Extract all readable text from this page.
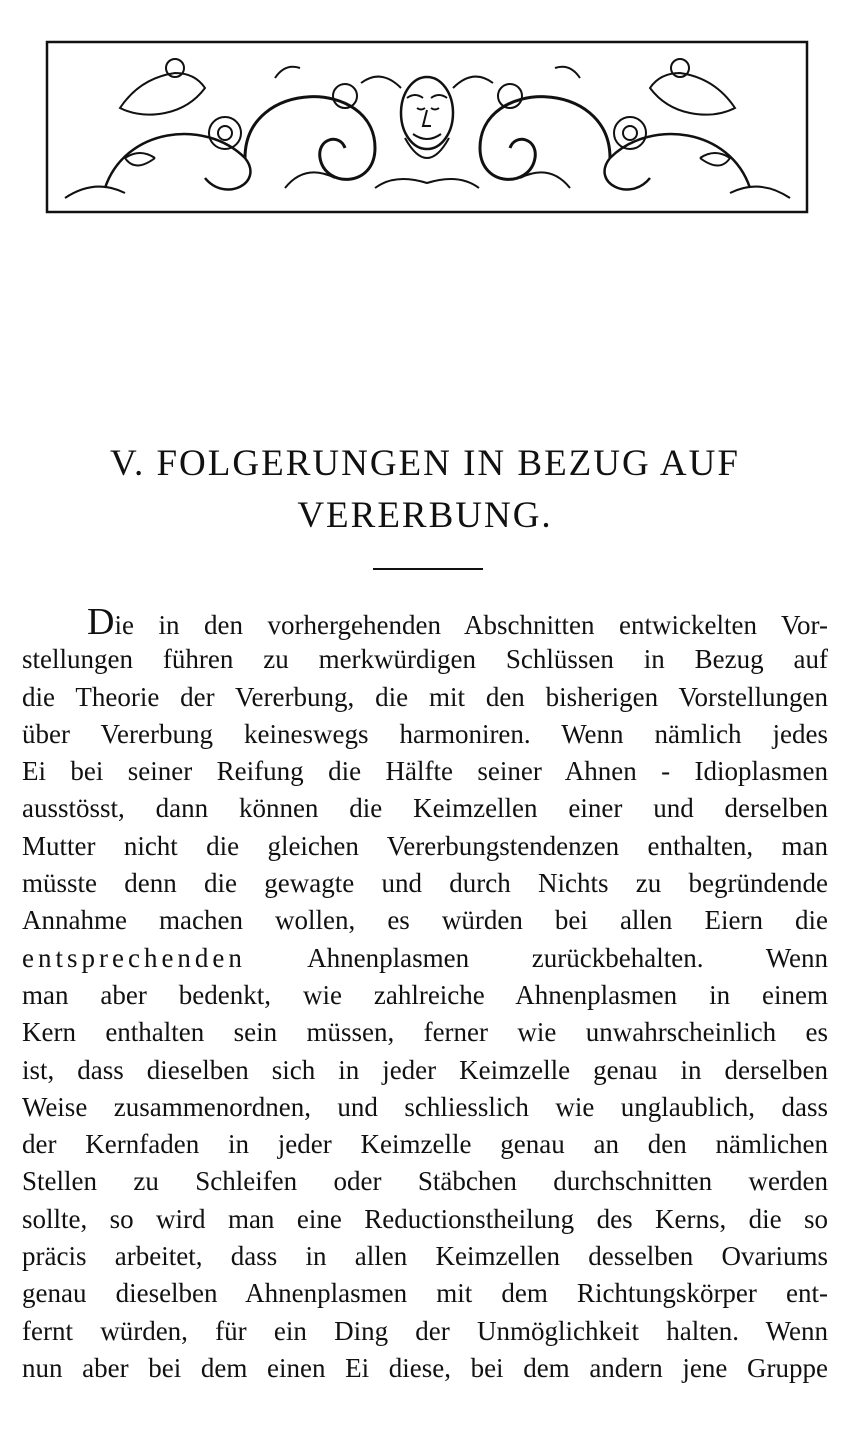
V. FOLGERUNGEN IN BEZUG AUF
VERERBUNG.
Die in den vorhergehenden Abschnitten entwickelten Vor-
stellungen führen zu merkwürdigen Schlüssen in Bezug auf
die Theorie der Vererbung, die mit den bisherigen Vorstellungen
über Vererbung keineswegs harmoniren. Wenn nämlich jedes
Ei bei seiner Reifung die Hälfte seiner Ahnen - Idioplasmen
ausstösst, dann können die Keimzellen einer und derselben
Mutter nicht die gleichen Vererbungstendenzen enthalten, man
müsste denn die gewagte und durch Nichts zu begründende
Annahme machen wollen, es würden bei allen Eiern die
entsprechenden Ahnenplasmen zurückbehalten. Wenn
man aber bedenkt, wie zahlreiche Ahnenplasmen in einem
Kern enthalten sein müssen, ferner wie unwahrscheinlich es
ist, dass dieselben sich in jeder Keimzelle genau in derselben
Weise zusammenordnen, und schliesslich wie unglaublich, dass
der Kernfaden in jeder Keimzelle genau an den nämlichen
Stellen zu Schleifen oder Stäbchen durchschnitten werden
sollte, so wird man eine Reductionstheilung des Kerns, die so
präcis arbeitet, dass in allen Keimzellen desselben Ovariums
genau dieselben Ahnenplasmen mit dem Richtungskörper ent-
fernt würden, für ein Ding der Unmöglichkeit halten. Wenn
nun aber bei dem einen Ei diese, bei dem andern jene Gruppe
